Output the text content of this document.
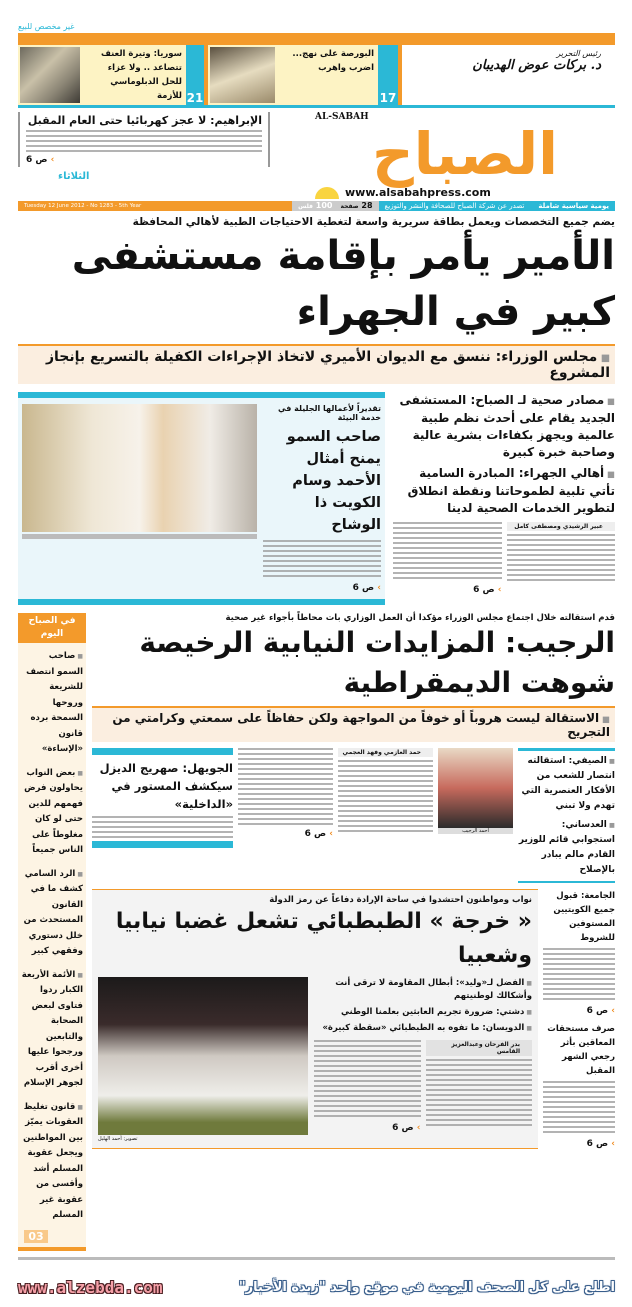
غير مخصص للبيع
رئيس التحرير
د. بركات عوض الهديبان
17
البورصة على نهج... اضرب واهرب
21
سوريا: وتيرة العنف تتصاعد .. ولا عزاء للحل الدبلوماسي للأزمة
AL-SABAH
الصباح
www.alsabahpress.com
الإبراهيم: لا عجز كهربائيا حتى العام المقبل
› ص 6
الثلاثاء
يومية سياسية شاملة
تصدر عن شركة الصباح للصحافة والنشر والتوزيع
28 صفحة
100 فلس
Tuesday 12 June 2012 - No 1283 - 5th Year
يضم جميع التخصصات ويعمل بطاقة سريرية واسعة لتغطية الاحتياجات الطبية لأهالي المحافظة
الأمير يأمر بإقامة مستشفى كبير في الجهراء
■ مجلس الوزراء: ننسق مع الديوان الأميري لاتخاذ الإجراءات الكفيلة بالتسريع بإنجاز المشروع
■ مصادر صحية لـ الصباح: المستشفى الجديد يقام على أحدث نظم طبية عالمية ويجهز بكفاءات بشرية عالية وصاحبة خبرة كبيرة
■ أهالي الجهراء: المبادرة السامية تأتي تلبية لطموحاتنا ونقطة انطلاق لتطوير الخدمات الصحية لدينا
عبير الرشيدي ومصطفى كامل
› ص 6
تقديراً لأعمالها الجليلة في خدمة البيئة
صاحب السمو يمنح أمثال الأحمد وسام الكويت ذا الوشاح
› ص 6
قدم استقالته خلال اجتماع مجلس الوزراء مؤكدا أن العمل الوزاري بات محاطاً بأجواء غير صحية
الرجيب: المزايدات النيابية الرخيصة شوهت الديمقراطية
■ الاستقالة ليست هروباً أو خوفاً من المواجهة ولكن حفاظاً على سمعتي وكرامتي من التجريح
■ الصيفي: استقالته انتصار للشعب من الأفكار العنصرية التي تهدم ولا تبني
■ العدساني: استجوابي قائم للوزير القادم مالم يبادر بالإصلاح
أحمد الرجيب
حمد العازمي وفهد العجمي
› ص 6
الجويهل: صهريج الديزل سيكشف المستور في «الداخلية»
الجامعة: قبول جميع الكويتيين المستوفين للشروط
› ص 6
صرف مستحقات المعاقين بأثر رجعي الشهر المقبل
› ص 6
نواب ومواطنون احتشدوا في ساحة الإرادة دفاعاً عن رمز الدولة
« خرجة » الطبطبائي تشعل غضبا نيابيا وشعبيا
■ الفضل لـ«وليد»: أبطال المقاومة لا ترقى أنت وأشكالك لوطنيتهم
■ دشتي: ضرورة تجريم العابثين بعلمنا الوطني
■ الدويسان: ما تفوه به الطبطبائي «سقطة كبيرة»
بدر الفرحان وعبدالعزيز القامس
› ص 6
تصوير: أحمد الهليل
في الصباح اليوم
■ صاحب السمو انتصف للشريعة وروحها السمحة برده قانون «الإساءة»
■ بعض النواب يحاولون فرض فهمهم للدين حتى لو كان مغلوطاً على الناس جميعاً
■ الرد السامي كشف ما في القانون المستحدث من خلل دستوري وفقهي كبير
■ الأئمة الأربعة الكبار ردوا فتاوى لبعض الصحابة والتابعين ورجحوا عليها أخرى أقرب لجوهر الإسلام
■ قانون تغليظ العقوبات يميّز بين المواطنين ويجعل عقوبة المسلم أشد وأقسى من عقوبة غير المسلم
03
اطلع على كل الصحف اليومية في موقع واحد "زبدة الأخبار"
www.alzebda.com
